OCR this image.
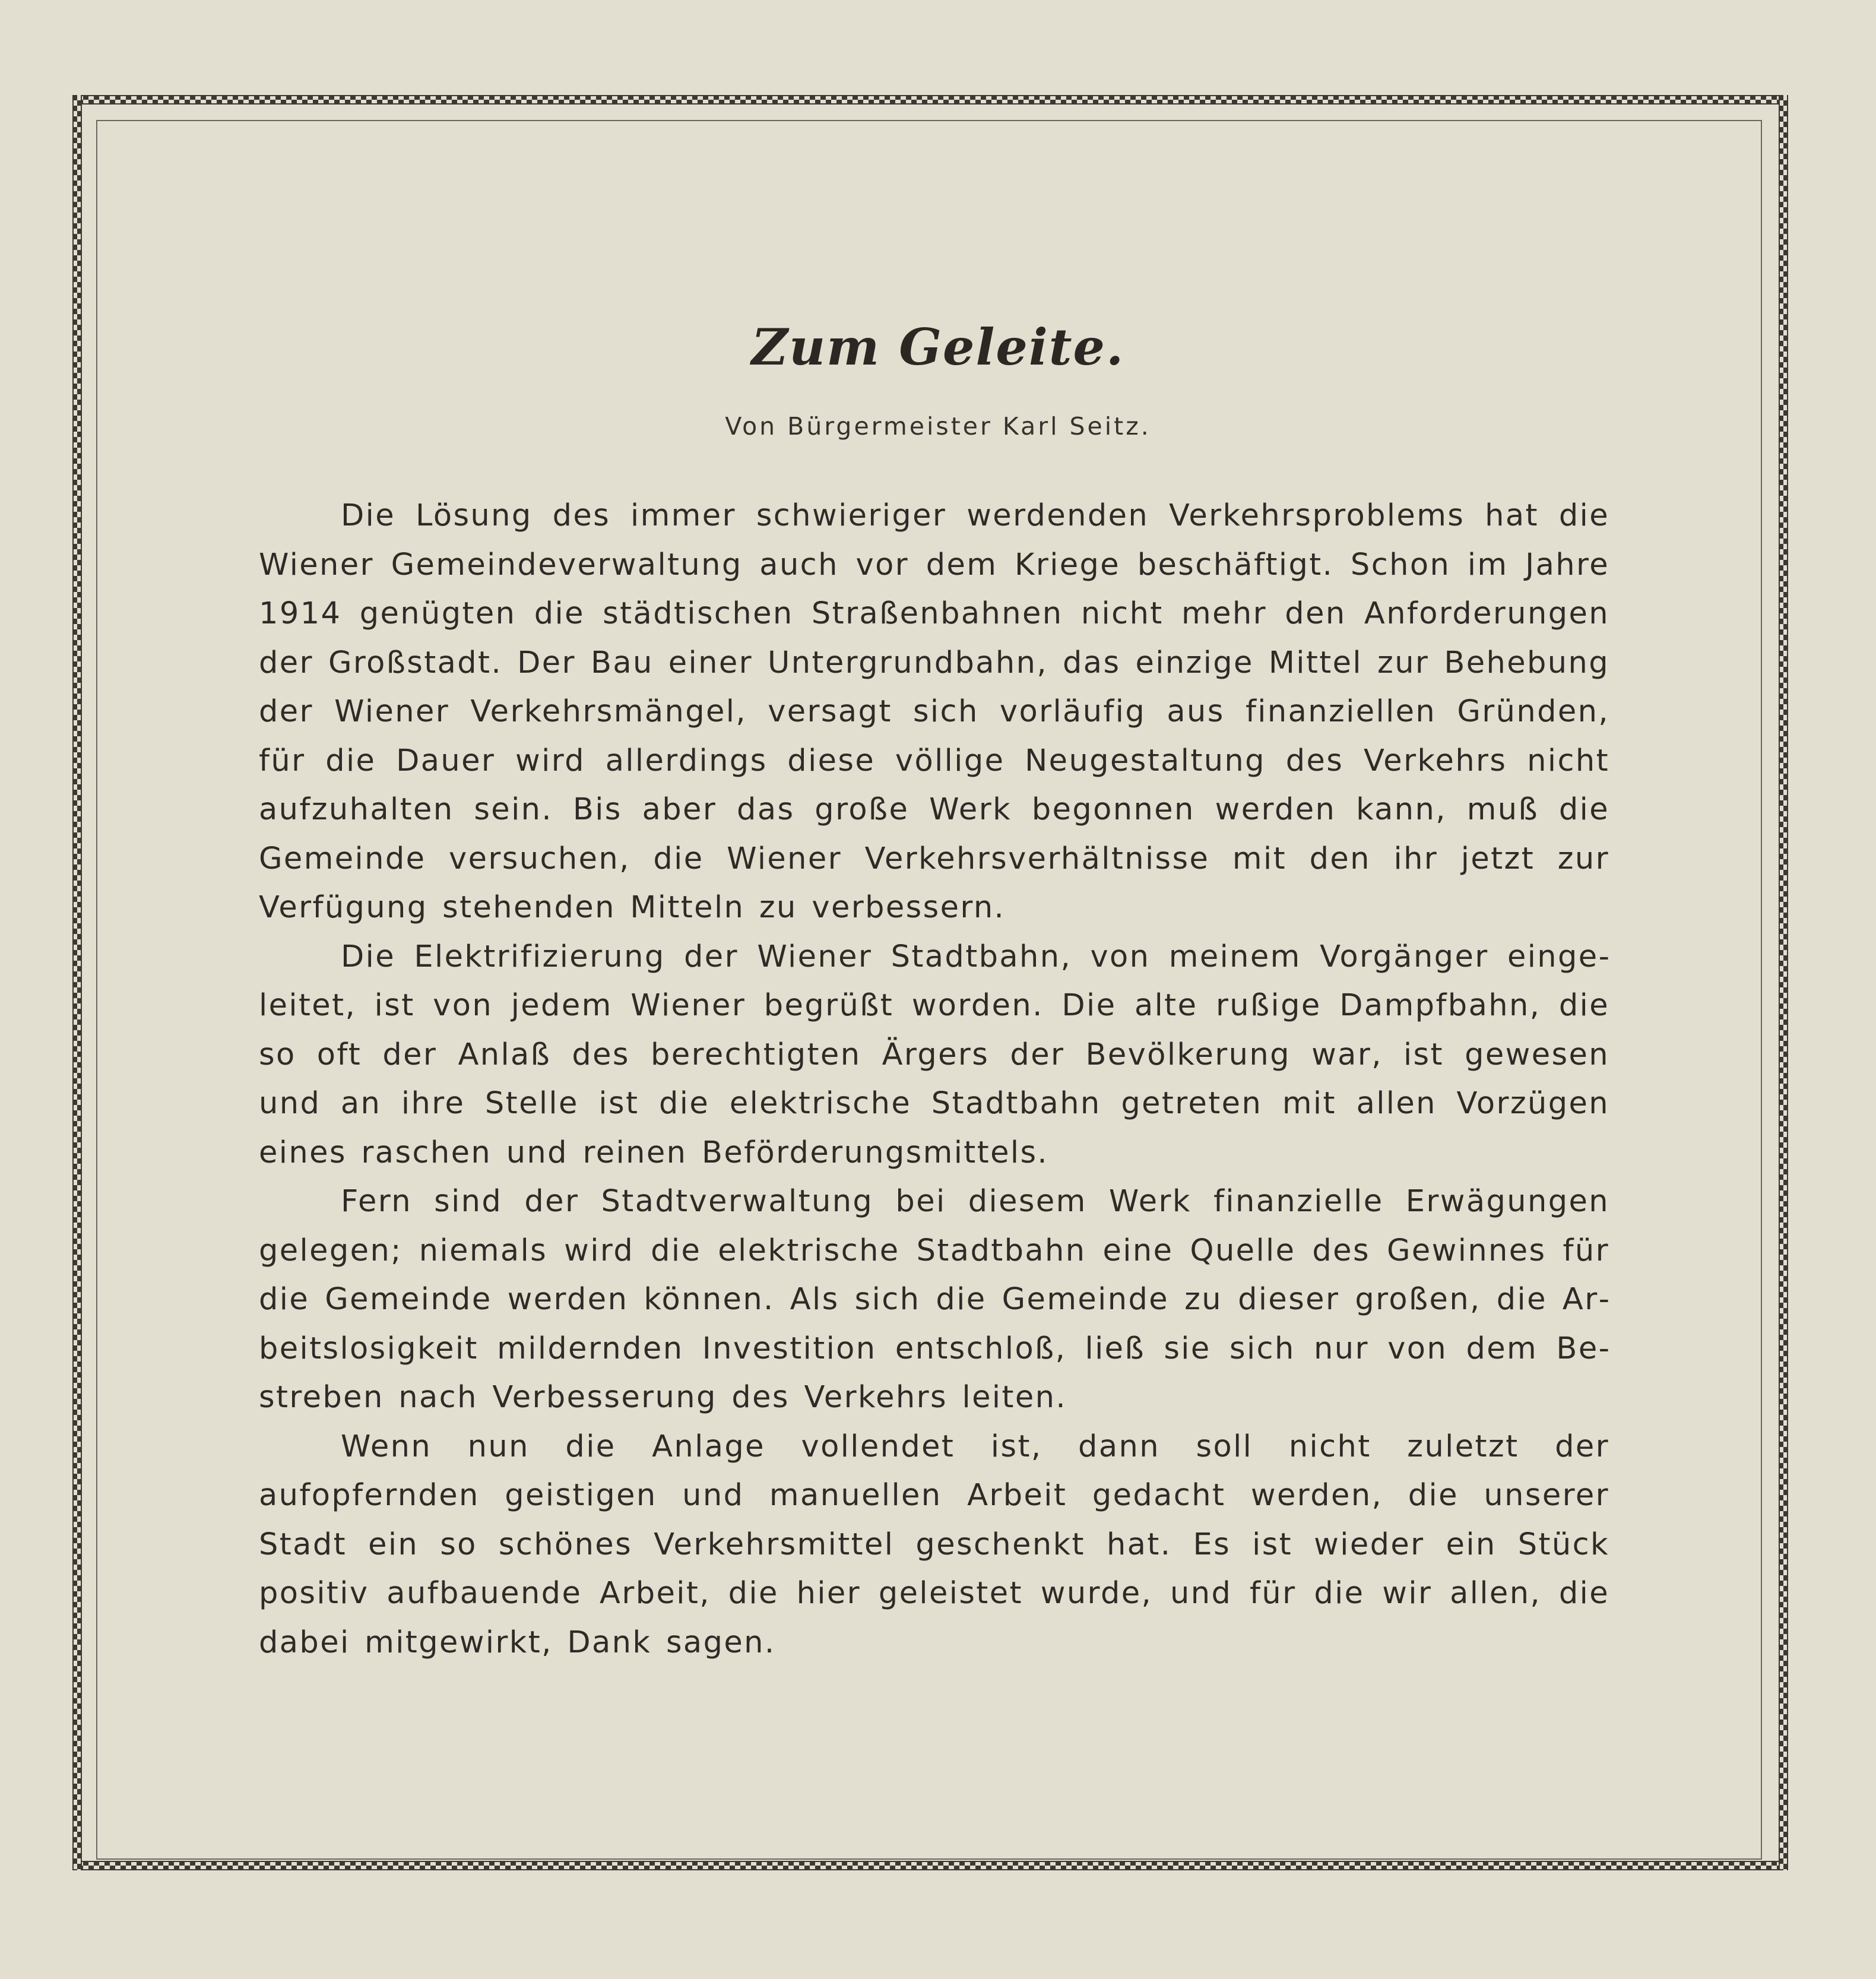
Zum Geleite.
Von Bürgermeister Karl Seitz.

Die Lösung des immer schwieriger werdenden Verkehrsproblems hat die Wiener Gemeindeverwaltung auch vor dem Kriege beschäftigt. Schon im Jahre 1914 genügten die städtischen Straßenbahnen nicht mehr den Anforderungen der Großstadt. Der Bau einer Untergrundbahn, das einzige Mittel zur Behebung der Wiener Verkehrsmängel, versagt sich vorläufig aus finanziellen Gründen, für die Dauer wird allerdings diese völlige Neugestaltung des Verkehrs nicht aufzuhalten sein. Bis aber das große Werk begonnen werden kann, muß die Gemeinde versuchen, die Wiener Verkehrsverhältnisse mit den ihr jetzt zur Verfügung stehenden Mitteln zu verbessern.

Die Elektrifizierung der Wiener Stadtbahn, von meinem Vorgänger eingeleitet, ist von jedem Wiener begrüßt worden. Die alte rußige Dampfbahn, die so oft der Anlaß des berechtigten Ärgers der Bevölkerung war, ist gewesen und an ihre Stelle ist die elektrische Stadtbahn getreten mit allen Vorzügen eines raschen und reinen Beförderungsmittels.

Fern sind der Stadtverwaltung bei diesem Werk finanzielle Erwägungen gelegen; niemals wird die elektrische Stadtbahn eine Quelle des Gewinnes für die Gemeinde werden können. Als sich die Gemeinde zu dieser großen, die Arbeitslosigkeit mildernden Investition entschloß, ließ sie sich nur von dem Bestreben nach Verbesserung des Verkehrs leiten.

Wenn nun die Anlage vollendet ist, dann soll nicht zuletzt der aufopfernden geistigen und manuellen Arbeit gedacht werden, die unserer Stadt ein so schönes Verkehrsmittel geschenkt hat. Es ist wieder ein Stück positiv aufbauende Arbeit, die hier geleistet wurde, und für die wir allen, die dabei mitgewirkt, Dank sagen.
